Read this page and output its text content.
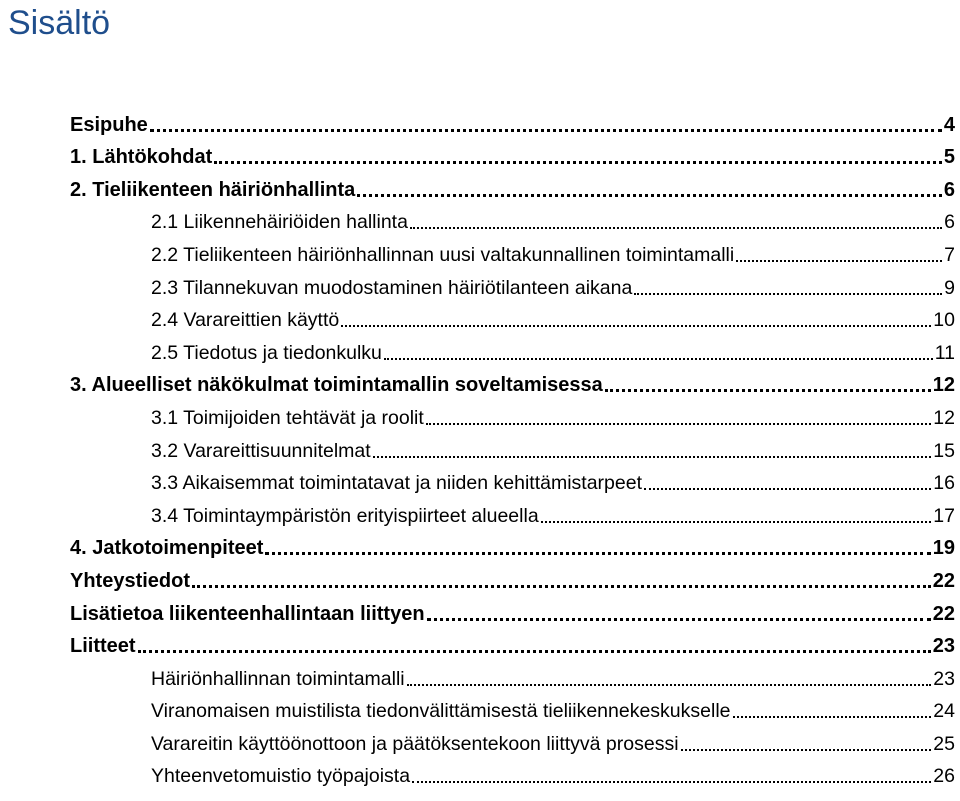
Sisältö
Esipuhe	4
1. Lähtökohdat	5
2. Tieliikenteen häiriönhallinta	6
2.1 Liikennehäiriöiden hallinta	6
2.2 Tieliikenteen häiriönhallinnan uusi valtakunnallinen toimintamalli	7
2.3 Tilannekuvan muodostaminen häiriötilanteen aikana	9
2.4 Varareittien käyttö	10
2.5 Tiedotus ja tiedonkulku	11
3. Alueelliset näkökulmat toimintamallin soveltamisessa	12
3.1 Toimijoiden tehtävät ja roolit	12
3.2 Varareittisuunnitelmat	15
3.3 Aikaisemmat toimintatavat ja niiden kehittämistarpeet	16
3.4 Toimintaympäristön erityispiirteet alueella	17
4. Jatkotoimenpiteet	19
Yhteystiedot	22
Lisätietoa liikenteenhallintaan liittyen	22
Liitteet	23
Häiriönhallinnan toimintamalli	23
Viranomaisen muistilista tiedonvälittämisestä tieliikennekeskukselle	24
Varareitin käyttöönottoon ja päätöksentekoon liittyvä prosessi	25
Yhteenvetomuistio työpajoista	26
